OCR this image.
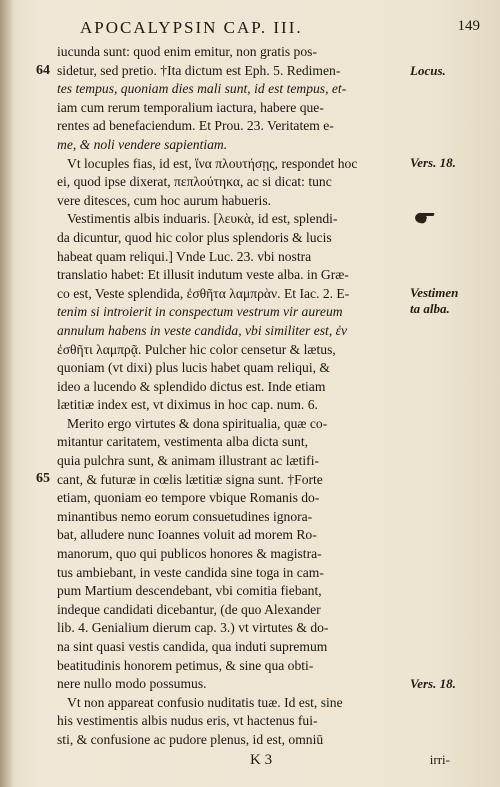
APOCALYPSIN CAP. III.	149
64
65
Locus.
Vers. 18.
Vestimen ta alba.
Vers. 18.
iucunda sunt: quod enim emitur, non gratis pos-
sidetur, sed pretio. †Ita dictum est Eph. 5. Redimen-
tes tempus, quoniam dies mali sunt, id est tempus, et-
iam cum rerum temporalium iactura, habere que-
rentes ad benefaciendum. Et Prou. 23. Veritatem e-
me, & noli vendere sapientiam.
Vt locuples fias, id est, ἵνα πλουτήσῃς, respondet hoc
ei, quod ipse dixerat, πεπλούτηκα, ac si dicat: tunc
vere ditesces, cum hoc aurum habueris.
Vestimentis albis induaris. [λευκὰ, id est, splendi-
da dicuntur, quod hic color plus splendoris & lucis
habeat quam reliqui.] Vnde Luc. 23. vbi nostra
translatio habet: Et illusit indutum veste alba. in Græ-
co est, Veste splendida, ἐσθῆτα λαμπρὰν. Et Iac. 2. E-
tenim si introierit in conspectum vestrum vir aureum
annulum habens in veste candida, vbi similiter est, ἐν
ἐσθῆτι λαμπρᾷ. Pulcher hic color censetur & lætus,
quoniam (vt dixi) plus lucis habet quam reliqui, &
ideo a lucendo & splendido dictus est. Inde etiam
lætitiæ index est, vt diximus in hoc cap. num. 6.
Merito ergo virtutes & dona spiritualia, quæ co-
mitantur caritatem, vestimenta alba dicta sunt,
quia pulchra sunt, & animam illustrant ac lætifi-
cant, & futuræ in cœlis lætitiæ signa sunt. †Forte
etiam, quoniam eo tempore vbique Romanis do-
minantibus nemo eorum consuetudines ignora-
bat, alludere nunc Ioannes voluit ad morem Ro-
manorum, quo qui publicos honores & magistra-
tus ambiebant, in veste candida sine toga in cam-
pum Martium descendebant, vbi comitia fiebant,
indeque candidati dicebantur, (de quo Alexander
lib. 4. Genialium dierum cap. 3.) vt virtutes & do-
na sint quasi vestis candida, qua induti supremum
beatitudinis honorem petimus, & sine qua obti-
nere nullo modo possumus.
Vt non appareat confusio nuditatis tuæ. Id est, sine
his vestimentis albis nudus eris, vt hactenus fui-
sti, & confusione ac pudore plenus, id est, omniū
K 3	irri-
